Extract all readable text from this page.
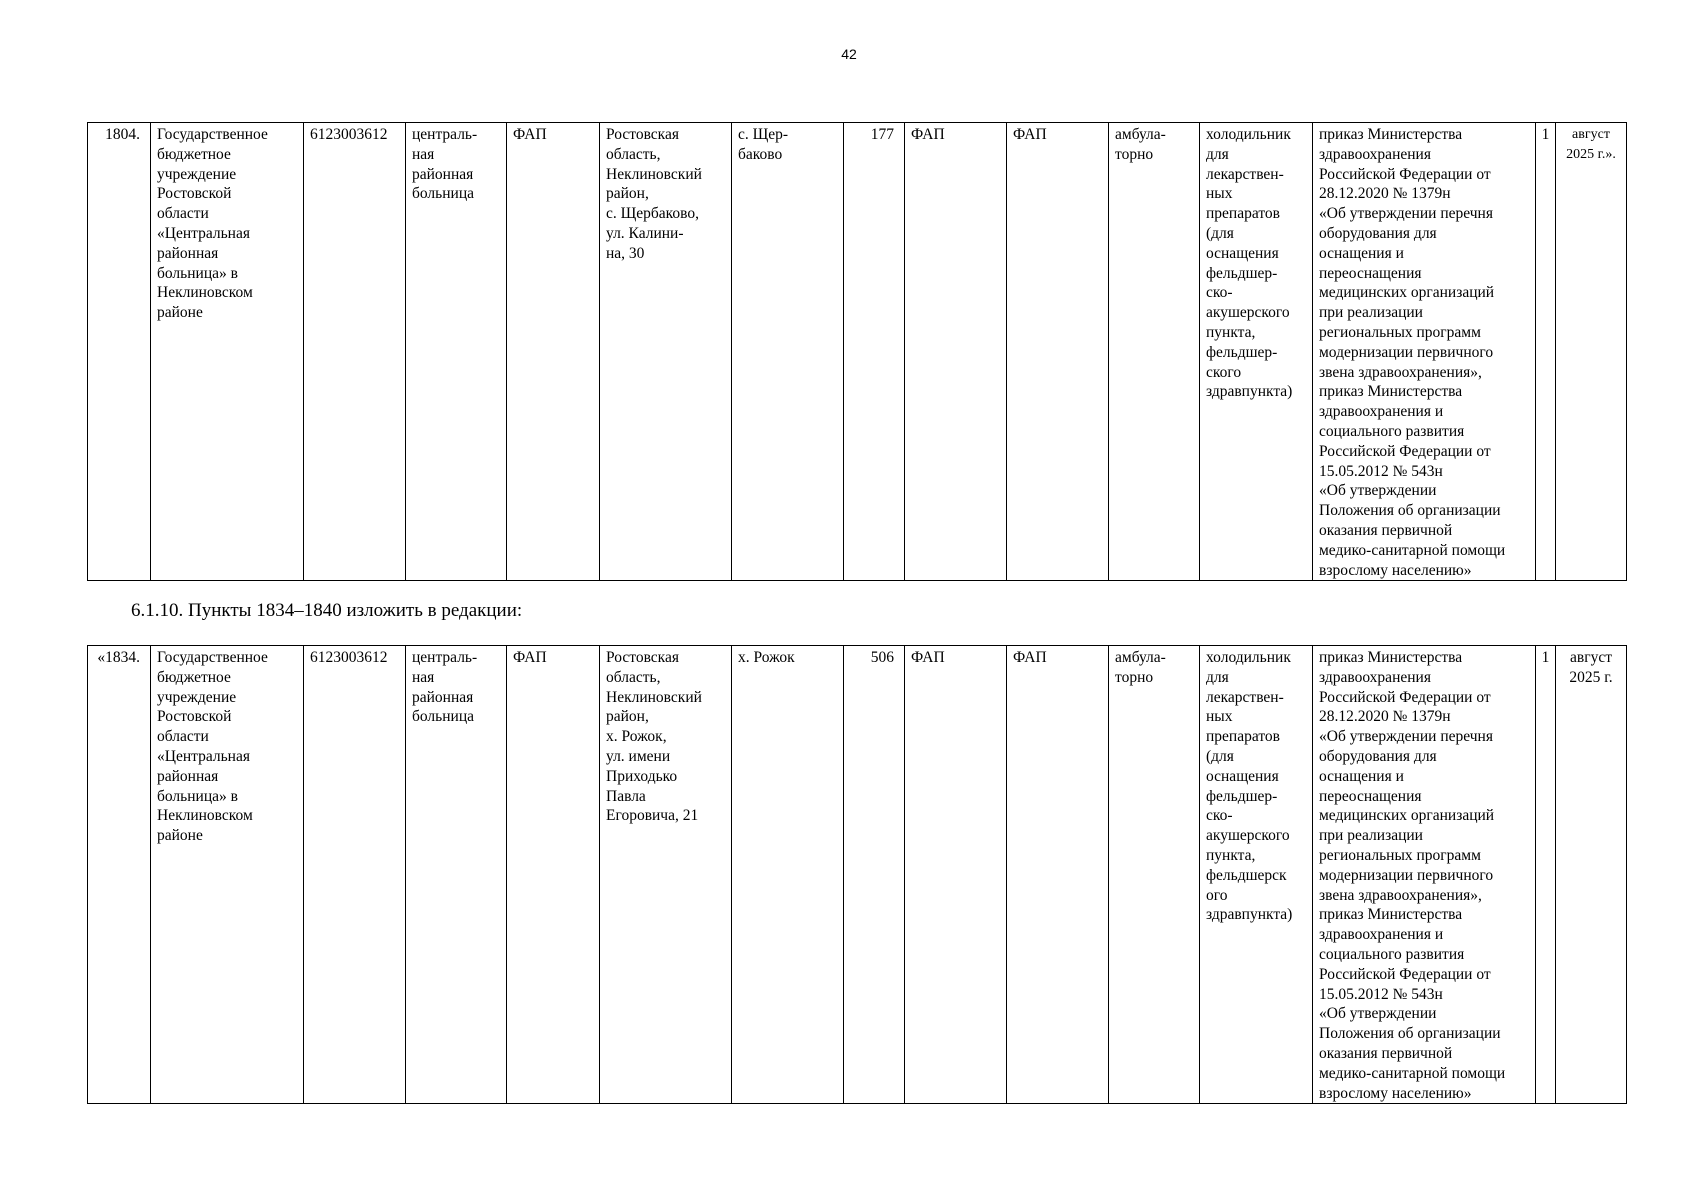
42
1804.	Государственное
бюджетное
учреждение
Ростовской
области
«Центральная
районная
больница» в
Неклиновском
районе	6123003612	централь-
ная
районная
больница	ФАП	Ростовская
область,
Неклиновский
район,
с. Щербаково,
ул. Калини-
на, 30	с. Щер-
баково	177	ФАП	ФАП	амбула-
торно	холодильник
для
лекарствен-
ных
препаратов
(для
оснащения
фельдшер-
ско-
акушерского
пункта,
фельдшер-
ского
здравпункта)	приказ Министерства
здравоохранения
Российской Федерации от
28.12.2020 № 1379н
«Об утверждении перечня
оборудования для
оснащения и
переоснащения
медицинских организаций
при реализации
региональных программ
модернизации первичного
звена здравоохранения»,
приказ Министерства
здравоохранения и
социального развития
Российской Федерации от
15.05.2012 № 543н
«Об утверждении
Положения об организации
оказания первичной
медико-санитарной помощи
взрослому населению»	1	август
2025 г.».
6.1.10. Пункты 1834–1840 изложить в редакции:
«1834.	Государственное
бюджетное
учреждение
Ростовской
области
«Центральная
районная
больница» в
Неклиновском
районе	6123003612	централь-
ная
районная
больница	ФАП	Ростовская
область,
Неклиновский
район,
х. Рожок,
ул. имени
Приходько
Павла
Егоровича, 21	х. Рожок	506	ФАП	ФАП	амбула-
торно	холодильник
для
лекарствен-
ных
препаратов
(для
оснащения
фельдшер-
ско-
акушерского
пункта,
фельдшерск
ого
здравпункта)	приказ Министерства
здравоохранения
Российской Федерации от
28.12.2020 № 1379н
«Об утверждении перечня
оборудования для
оснащения и
переоснащения
медицинских организаций
при реализации
региональных программ
модернизации первичного
звена здравоохранения»,
приказ Министерства
здравоохранения и
социального развития
Российской Федерации от
15.05.2012 № 543н
«Об утверждении
Положения об организации
оказания первичной
медико-санитарной помощи
взрослому населению»	1	август
2025 г.
